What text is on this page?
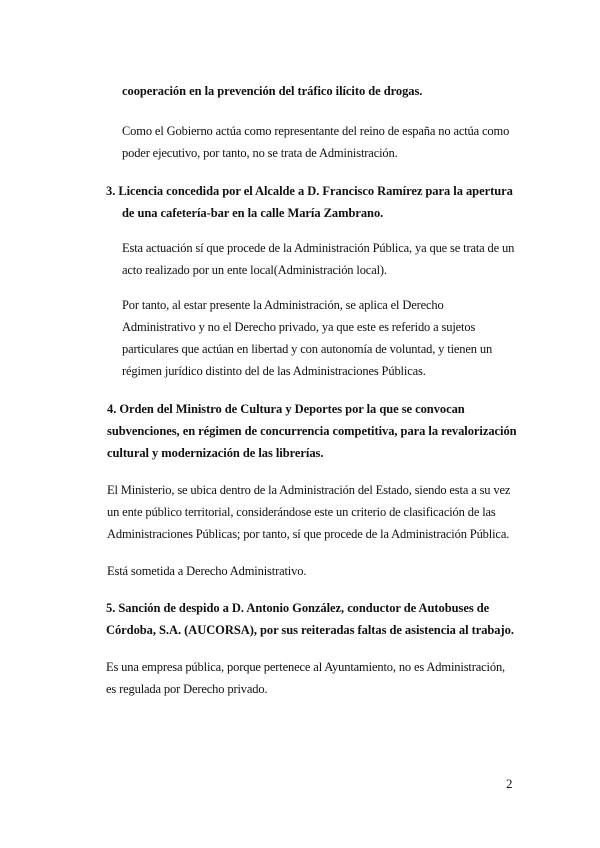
cooperación en la prevención del tráfico ilícito de drogas.
Como el Gobierno actúa como representante del reino de españa no actúa como
poder ejecutivo, por tanto, no se trata de Administración.
3. Licencia concedida por el Alcalde a D. Francisco Ramírez para la apertura
de una cafetería-bar en la calle María Zambrano.
Esta actuación sí que procede de la Administración Pública, ya que se trata de un
acto realizado por un ente local(Administración local).
Por tanto, al estar presente la Administración, se aplica el Derecho
Administrativo y no el Derecho privado, ya que este es referido a sujetos
particulares que actúan en libertad y con autonomía de voluntad, y tienen un
régimen jurídico distinto del de las Administraciones Públicas.
4. Orden del Ministro de Cultura y Deportes por la que se convocan
subvenciones, en régimen de concurrencia competitiva, para la revalorización
cultural y modernización de las librerías.
El Ministerio, se ubica dentro de la Administración del Estado, siendo esta a su vez
un ente público territorial, considerándose este un criterio de clasificación de las
Administraciones Públicas; por tanto, sí que procede de la Administración Pública.
Está sometida a Derecho Administrativo.
5. Sanción de despido a D. Antonio González, conductor de Autobuses de
Córdoba, S.A. (AUCORSA), por sus reiteradas faltas de asistencia al trabajo.
Es una empresa pública, porque pertenece al Ayuntamiento, no es Administración,
es regulada por Derecho privado.
2
